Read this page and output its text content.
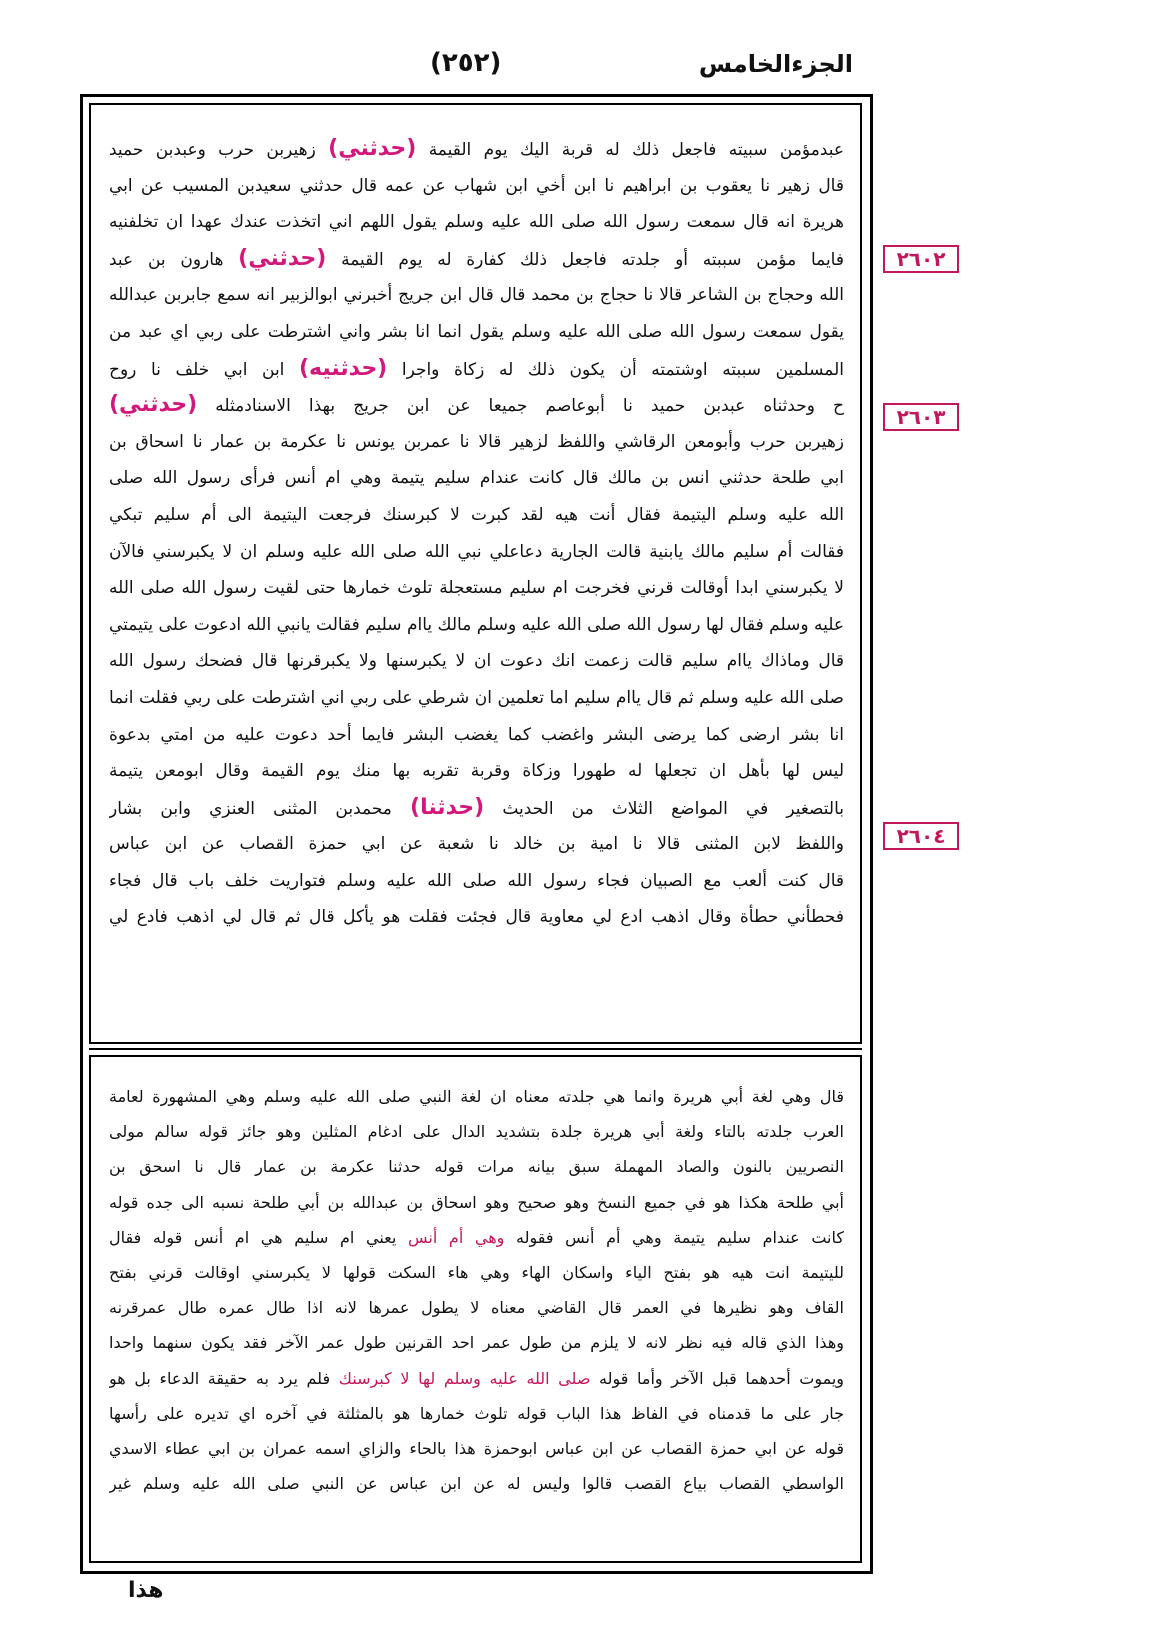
(٢٥٢)	الجزءالخامس
عبدمؤمن سبيته فاجعل ذلك له قربة اليك يوم القيمة (حدثني) زهيربن حرب وعبدبن حميد
قال زهير نا يعقوب بن ابراهيم نا ابن أخي ابن شهاب عن عمه قال حدثني سعيدبن المسيب عن ابي
هريرة انه قال سمعت رسول الله صلى الله عليه وسلم يقول اللهم اني اتخذت عندك عهدا ان تخلفنيه
فايما مؤمن سببته أو جلدته فاجعل ذلك كفارة له يوم القيمة (حدثني) هارون بن عبد
الله وحجاج بن الشاعر قالا نا حجاج بن محمد قال قال ابن جريج أخبرني ابوالزبير انه سمع جابربن عبدالله
يقول سمعت رسول الله صلى الله عليه وسلم يقول انما انا بشر واني اشترطت على ربي اي عبد من
المسلمين سببته اوشتمته أن يكون ذلك له زكاة واجرا (حدثنيه) ابن ابي خلف نا روح
ح وحدثناه عبدبن حميد نا أبوعاصم جميعا عن ابن جريج بهذا الاسنادمثله (حدثني)
زهيربن حرب وأبومعن الرقاشي واللفظ لزهير قالا نا عمربن يونس نا عكرمة بن عمار نا اسحاق بن
ابي طلحة حدثني انس بن مالك قال كانت عندام سليم يتيمة وهي ام أنس فرأى رسول الله صلى
الله عليه وسلم اليتيمة فقال أنت هيه لقد كبرت لا كبرسنك فرجعت اليتيمة الى أم سليم تبكي
فقالت أم سليم مالك يابنية قالت الجارية دعاعلي نبي الله صلى الله عليه وسلم ان لا يكبرسني فالآن
لا يكبرسني ابدا أوقالت قرني فخرجت ام سليم مستعجلة تلوث خمارها حتى لقيت رسول الله صلى الله
عليه وسلم فقال لها رسول الله صلى الله عليه وسلم مالك ياام سليم فقالت يانبي الله ادعوت على يتيمتي
قال وماذاك ياام سليم قالت زعمت انك دعوت ان لا يكبرسنها ولا يكبرقرنها قال فضحك رسول الله
صلى الله عليه وسلم ثم قال ياام سليم اما تعلمين ان شرطي على ربي اني اشترطت على ربي فقلت انما
انا بشر ارضى كما يرضى البشر واغضب كما يغضب البشر فايما أحد دعوت عليه من امتي بدعوة
ليس لها بأهل ان تجعلها له طهورا وزكاة وقربة تقربه بها منك يوم القيمة وقال ابومعن يتيمة
بالتصغير في المواضع الثلاث من الحديث (حدثنا) محمدبن المثنى العنزي وابن بشار
واللفظ لابن المثنى قالا نا امية بن خالد نا شعبة عن ابي حمزة القصاب عن ابن عباس
قال كنت ألعب مع الصبيان فجاء رسول الله صلى الله عليه وسلم فتواريت خلف باب قال فجاء
فحطأني حطأة وقال اذهب ادع لي معاوية قال فجئت فقلت هو يأكل قال ثم قال لي اذهب فادع لي
قال وهي لغة أبي هريرة وانما هي جلدته معناه ان لغة النبي صلى الله عليه وسلم وهي المشهورة لعامة
العرب جلدته بالتاء ولغة أبي هريرة جلدة بتشديد الدال على ادغام المثلين وهو جائز قوله سالم مولى
النصريين بالنون والصاد المهملة سبق بيانه مرات قوله حدثنا عكرمة بن عمار قال نا اسحق بن
أبي طلحة هكذا هو في جميع النسخ وهو صحيح وهو اسحاق بن عبدالله بن أبي طلحة نسبه الى جده قوله
كانت عندام سليم يتيمة وهي أم أنس فقوله وهي أم أنس يعني ام سليم هي ام أنس قوله فقال
لليتيمة انت هيه هو بفتح الياء واسكان الهاء وهي هاء السكت قولها لا يكبرسني اوقالت قرني بفتح
القاف وهو نظيرها في العمر قال القاضي معناه لا يطول عمرها لانه اذا طال عمره طال عمرقرنه
وهذا الذي قاله فيه نظر لانه لا يلزم من طول عمر احد القرنين طول عمر الآخر فقد يكون سنهما واحدا
ويموت أحدهما قبل الآخر وأما قوله صلى الله عليه وسلم لها لا كبرسنك فلم يرد به حقيقة الدعاء بل هو
جار على ما قدمناه في الفاظ هذا الباب قوله تلوث خمارها هو بالمثلثة في آخره اي تديره على رأسها
قوله عن ابي حمزة القصاب عن ابن عباس ابوحمزة هذا بالحاء والزاي اسمه عمران بن ابي عطاء الاسدي
الواسطي القصاب بياع القصب قالوا وليس له عن ابن عباس عن النبي صلى الله عليه وسلم غير
٢٦٠٢
٢٦٠٣
٢٦٠٤
هذا
